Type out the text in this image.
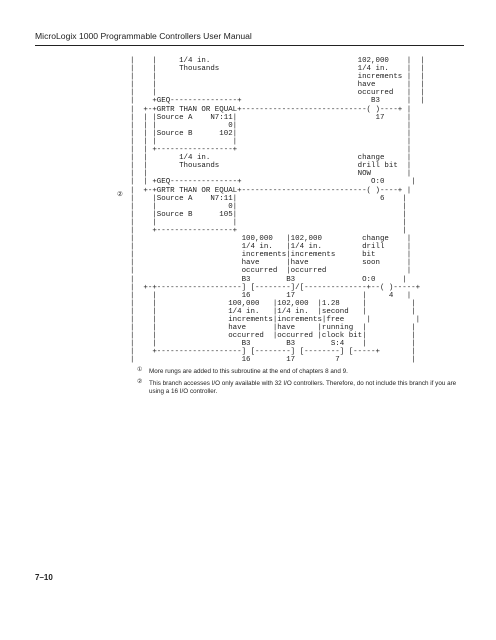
MicroLogix 1000 Programmable Controllers User Manual
|    |     1/4 in.                                 102,000    |  |
|    |     Thousands                               1/4 in.    |  |
|    |                                             increments |  |
|    |                                             have       |  |
|    |                                             occurred   |  |
|    +GEQ---------------+                             B3      |  |
|  +-+GRTR THAN OR EQUAL+----------------------------( )----+ |
|  | |Source A    N7:11|                               17     |
|  | |                0|                                      |
|  | |Source B      102|                                      |
|  | |                 |                                      |
|  | +-----------------+                                      |
|  |       1/4 in.                                 change     |
|  |       Thousands                               drill bit  |
|  |                                               NOW        |
|  | +GEQ---------------+                             O:0      |
|  +-+GRTR THAN OR EQUAL+----------------------------( )----+ |
|    |Source A    N7:11|                                6    |
|    |                0|                                     |
|    |Source B      105|                                     |
|    |                 |                                     |
|    +-----------------+                                     |
|                        100,000   |102,000         change    |
|                        1/4 in.   |1/4 in.         drill     |
|                        increments|increments      bit       |
|                        have      |have            soon      |
|                        occurred  |occurred                  |
|                        B3        B3               O:0      |
|  +-+-------------------] [--------]/[--------------+--( )-----+
|    |                   16        17               |     4   |
|    |                100,000   |102,000  |1.28     |          |
|    |                1/4 in.   |1/4 in.  |second   |          |
|    |                increments|increments|free     |          |
|    |                have      |have     |running  |          |
|    |                occurred  |occurred |clock bit|          |
|    |                   B3        B3        S:4    |          |
|    +-------------------] [--------] [--------] [-----+       |
|                        16        17         7                |
②
① More rungs are added to this subroutine at the end of chapters 8 and 9.
② This branch accesses I/O only available with 32 I/O controllers. Therefore, do not include this branch if you are using a 16 I/O controller.
7–10
